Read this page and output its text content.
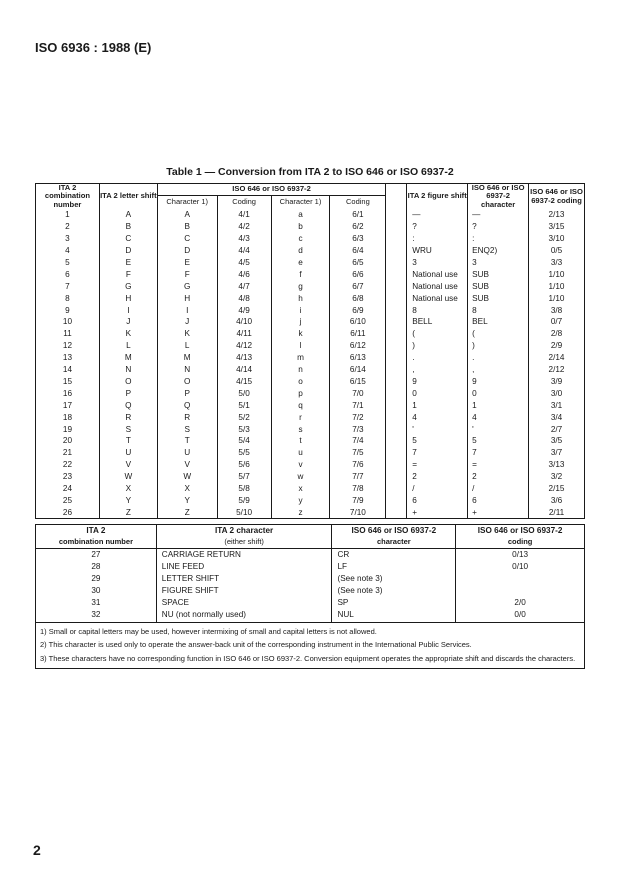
ISO 6936 : 1988 (E)
Table 1 — Conversion from ITA 2 to ISO 646 or ISO 6937-2
ITA 2 combination number	ITA 2 letter shift	ISO 646 or ISO 6937-2					ITA 2 figure shift	ISO 646 or ISO 6937-2 character	ISO 646 or ISO 6937-2 coding
		Character 1)	Coding	Character 1)	Coding				

1	A	A	4/1	a	6/1		—	—	2/13
2	B	B	4/2	b	6/2		?	?	3/15
3	C	C	4/3	c	6/3		:	:	3/10
4	D	D	4/4	d	6/4		WRU	ENQ2)	0/5
5	E	E	4/5	e	6/5		3	3	3/3
6	F	F	4/6	f	6/6		National use	SUB	1/10
7	G	G	4/7	g	6/7		National use	SUB	1/10
8	H	H	4/8	h	6/8		National use	SUB	1/10
9	I	I	4/9	i	6/9		8	8	3/8
10	J	J	4/10	j	6/10		BELL	BEL	0/7
11	K	K	4/11	k	6/11		(	(	2/8
12	L	L	4/12	l	6/12		)	)	2/9
13	M	M	4/13	m	6/13		.	.	2/14
14	N	N	4/14	n	6/14		,	,	2/12
15	O	O	4/15	o	6/15		9	9	3/9
16	P	P	5/0	p	7/0		0	0	3/0
17	Q	Q	5/1	q	7/1		1	1	3/1
18	R	R	5/2	r	7/2		4	4	3/4
19	S	S	5/3	s	7/3		'	'	2/7
20	T	T	5/4	t	7/4		5	5	3/5
21	U	U	5/5	u	7/5		7	7	3/7
22	V	V	5/6	v	7/6		=	=	3/13
23	W	W	5/7	w	7/7		2	2	3/2
24	X	X	5/8	x	7/8		/	/	2/15
25	Y	Y	5/9	y	7/9		6	6	3/6
26	Z	Z	5/10	z	7/10		+	+	2/11
ITA 2	ITA 2 character	ISO 646 or ISO 6937-2	ISO 646 or ISO 6937-2
combination number	(either shift)	character	coding
27	CARRIAGE RETURN	CR	0/13
28	LINE FEED	LF	0/10
29	LETTER SHIFT	(See note 3)	
30	FIGURE SHIFT	(See note 3)	
31	SPACE	SP	2/0
32	NU (not normally used)	NUL	0/0

1) Small or capital letters may be used, however intermixing of small and capital letters is not allowed.
2) This character is used only to operate the answer-back unit of the corresponding instrument in the International Public Services.
3) These characters have no corresponding function in ISO 646 or ISO 6937-2. Conversion equipment operates the appropriate shift and discards the characters.			
2
